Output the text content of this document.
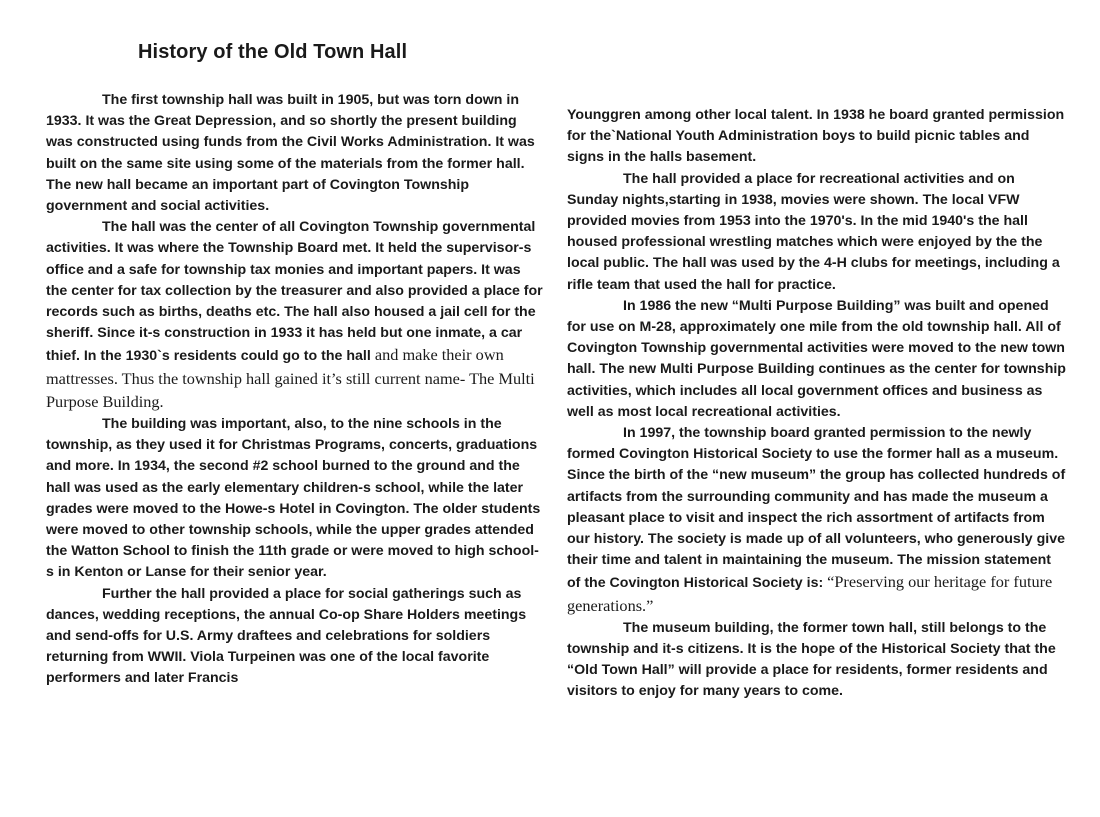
History of the Old Town Hall

The first township hall was built in 1905, but was torn down in 1933. It was the Great Depression, and so shortly the present building was constructed using funds from the Civil Works Administration. It was built on the same site using some of the materials from the former hall. The new hall became an important part of Covington Township government and social activities.

The hall was the center of all Covington Township governmental activities. It was where the Township Board met. It held the supervisor-s office and a safe for township tax monies and important papers. It was the center for tax collection by the treasurer and also provided a place for records such as births, deaths etc. The hall also housed a jail cell for the sheriff. Since it-s construction in 1933 it has held but one inmate, a car thief. In the 1930`s residents could go to the hall and make their own mattresses. Thus the township hall gained it’s still current name- The Multi Purpose Building.

The building was important, also, to the nine schools in the township, as they used it for Christmas Programs, concerts, graduations and more. In 1934, the second #2 school burned to the ground and the hall was used as the early elementary children-s school, while the later grades were moved to the Howe-s Hotel in Covington. The older students were moved to other township schools, while the upper grades attended the Watton School to finish the 11th grade or were moved to high school-s in Kenton or Lanse for their senior year.

Further the hall provided a place for social gatherings such as dances, wedding receptions, the annual Co-op Share Holders meetings and send-offs for U.S. Army draftees and celebrations for soldiers returning from WWII. Viola Turpeinen was one of the local favorite performers and later Francis

Younggren among other local talent. In 1938 he board granted permission for the`National Youth Administration boys to build picnic tables and signs in the halls basement.

The hall provided a place for recreational activities and on Sunday nights,starting in 1938, movies were shown. The local VFW provided movies from 1953 into the 1970's. In the mid 1940's the hall housed professional wrestling matches which were enjoyed by the the local public. The hall was used by the 4-H clubs for meetings, including a rifle team that used the hall for practice.

In 1986 the new “Multi Purpose Building” was built and opened for use on M-28, approximately one mile from the old township hall. All of Covington Township governmental activities were moved to the new town hall. The new Multi Purpose Building continues as the center for township activities, which includes all local government offices and business as well as most local recreational activities.

In 1997, the township board granted permission to the newly formed Covington Historical Society to use the former hall as a museum. Since the birth of the “new museum” the group has collected hundreds of artifacts from the surrounding community and has made the museum a pleasant place to visit and inspect the rich assortment of artifacts from our history. The society is made up of all volunteers, who generously give their time and talent in maintaining the museum. The mission statement of the Covington Historical Society is: “Preserving our heritage for future generations.”

The museum building, the former town hall, still belongs to the township and it-s citizens. It is the hope of the Historical Society that the “Old Town Hall” will provide a place for residents, former residents and visitors to enjoy for many years to come.
